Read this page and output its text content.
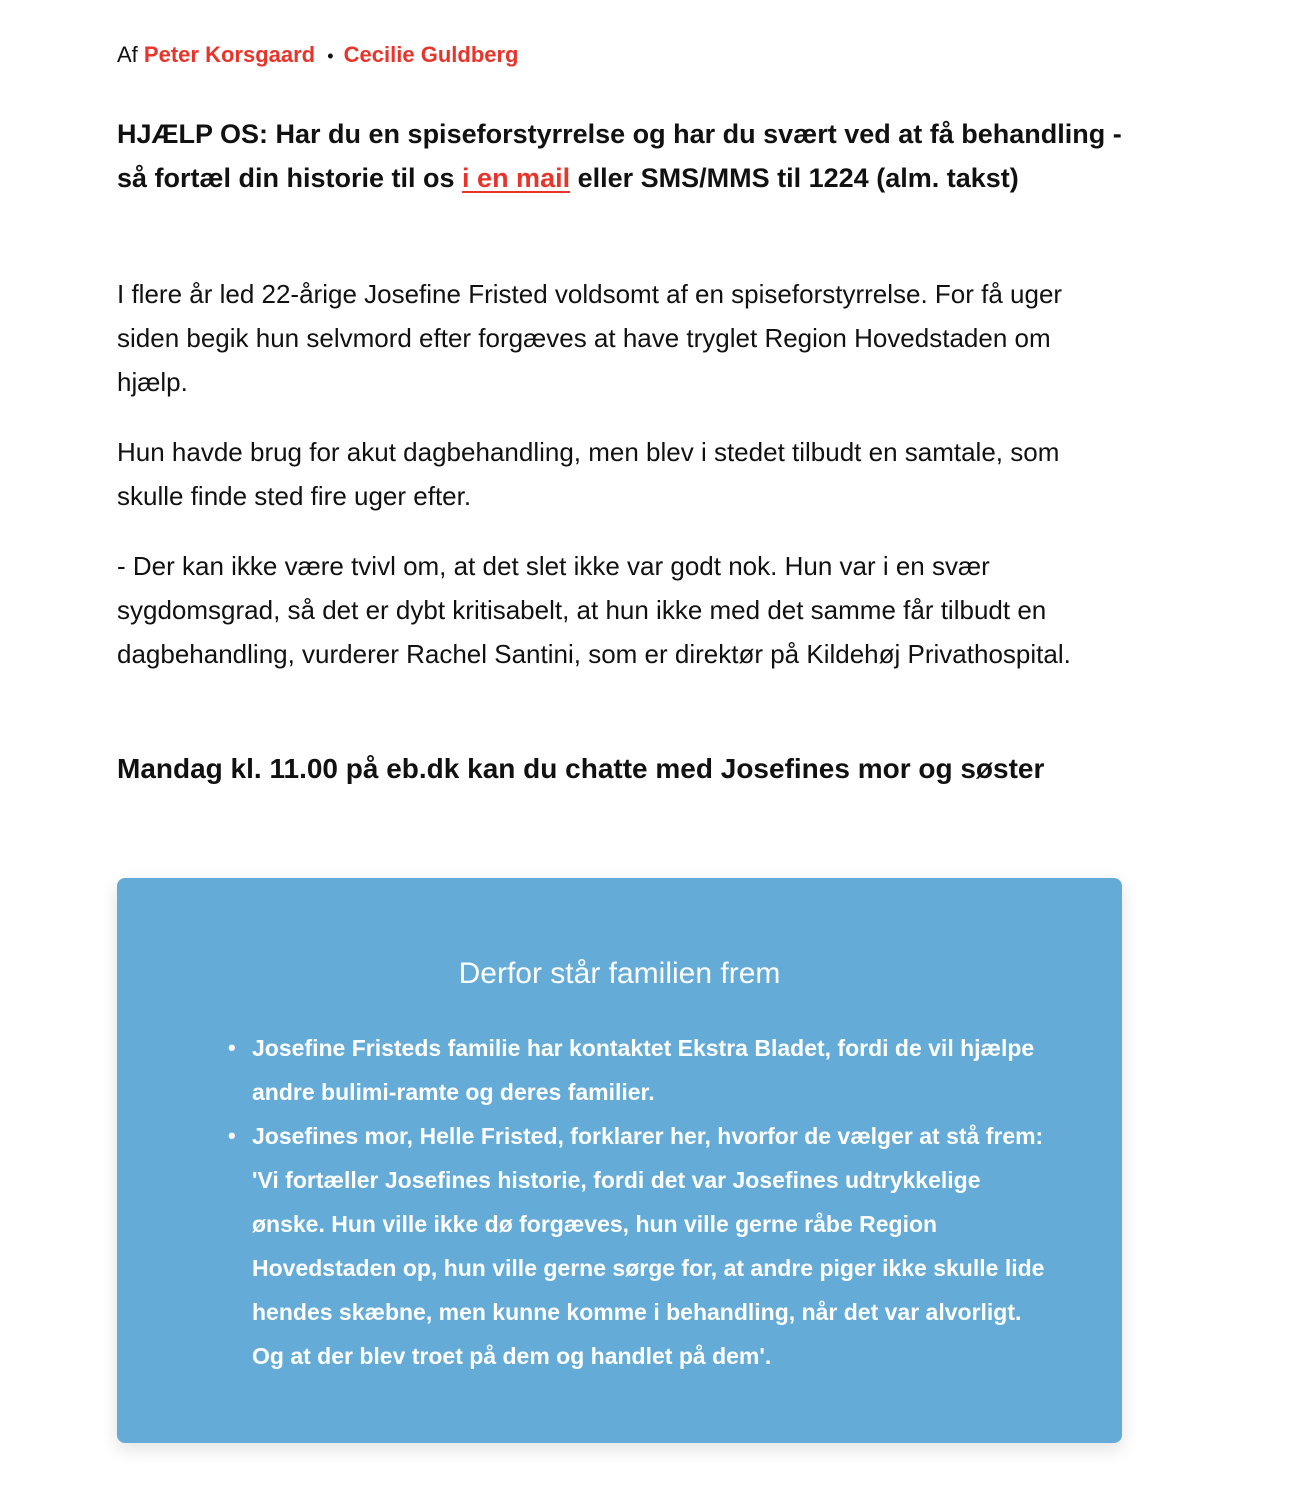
Af Peter Korsgaard • Cecilie Guldberg

HJÆLP OS: Har du en spiseforstyrrelse og har du svært ved at få behandling - så fortæl din historie til os i en mail eller SMS/MMS til 1224 (alm. takst)

I flere år led 22-årige Josefine Fristed voldsomt af en spiseforstyrrelse. For få uger siden begik hun selvmord efter forgæves at have tryglet Region Hovedstaden om hjælp.

Hun havde brug for akut dagbehandling, men blev i stedet tilbudt en samtale, som skulle finde sted fire uger efter.

- Der kan ikke være tvivl om, at det slet ikke var godt nok. Hun var i en svær sygdomsgrad, så det er dybt kritisabelt, at hun ikke med det samme får tilbudt en dagbehandling, vurderer Rachel Santini, som er direktør på Kildehøj Privathospital.

Mandag kl. 11.00 på eb.dk kan du chatte med Josefines mor og søster
Derfor står familien frem
• Josefine Fristeds familie har kontaktet Ekstra Bladet, fordi de vil hjælpe andre bulimi-ramte og deres familier.
• Josefines mor, Helle Fristed, forklarer her, hvorfor de vælger at stå frem: 'Vi fortæller Josefines historie, fordi det var Josefines udtrykkelige ønske. Hun ville ikke dø forgæves, hun ville gerne råbe Region Hovedstaden op, hun ville gerne sørge for, at andre piger ikke skulle lide hendes skæbne, men kunne komme i behandling, når det var alvorligt. Og at der blev troet på dem og handlet på dem'.
